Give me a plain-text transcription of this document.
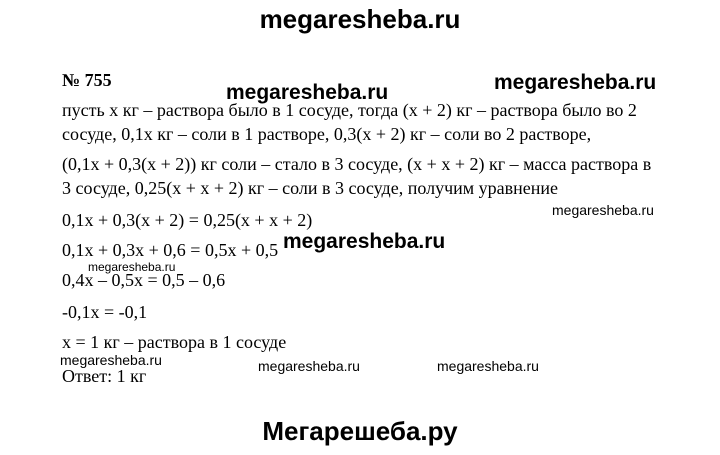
megaresheba.ru
megaresheba.ru	megaresheba.ru
megaresheba.ru
megaresheba.ru
megaresheba.ru
megaresheba.ru	megaresheba.ru	megaresheba.ru
Мегарешеба.ру
№ 755
пусть x кг – раствора было в 1 сосуде, тогда (x + 2) кг – раствора было во 2
сосуде, 0,1x кг – соли в 1 растворе, 0,3(x + 2) кг – соли во 2 растворе,
(0,1x + 0,3(x + 2)) кг соли – стало в 3 сосуде, (x + x + 2) кг – масса раствора в
3 сосуде, 0,25(x + x + 2) кг – соли в 3 сосуде, получим уравнение
0,1x + 0,3(x + 2) = 0,25(x + x + 2)
0,1x + 0,3x + 0,6 = 0,5x + 0,5
0,4x – 0,5x = 0,5 – 0,6
-0,1x = -0,1
x = 1 кг – раствора в 1 сосуде
Ответ: 1 кг
